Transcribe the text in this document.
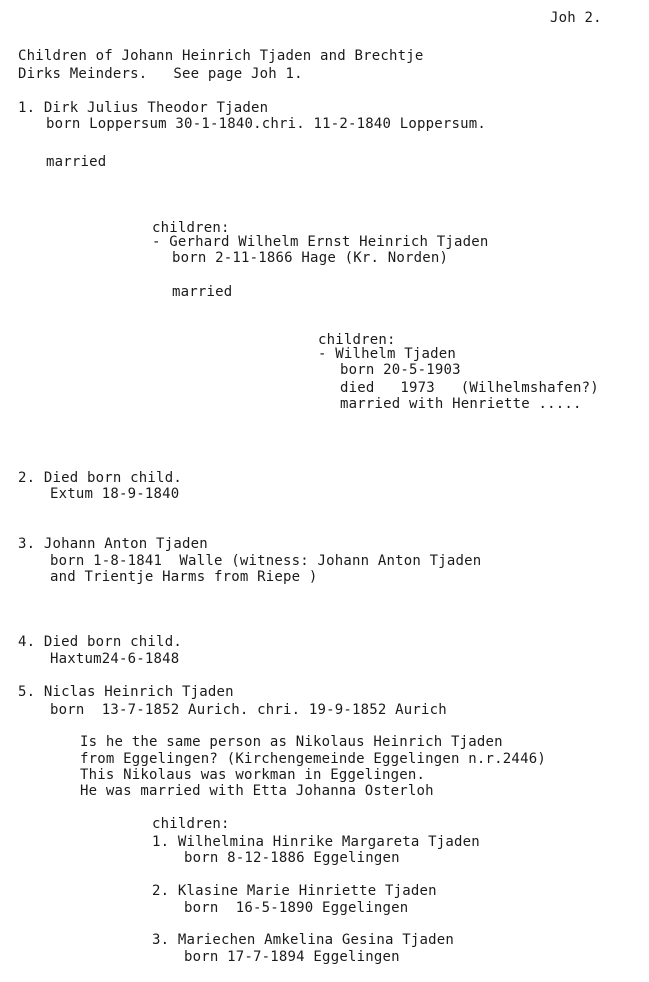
Joh 2.
Children of Johann Heinrich Tjaden and Brechtje
Dirks Meinders.   See page Joh 1.
1. Dirk Julius Theodor Tjaden
born Loppersum 30-1-1840.chri. 11-2-1840 Loppersum.
married
children:
- Gerhard Wilhelm Ernst Heinrich Tjaden
born 2-11-1866 Hage (Kr. Norden)
married
children:
- Wilhelm Tjaden
born 20-5-1903
died   1973   (Wilhelmshafen?)
married with Henriette .....
2. Died born child.
Extum 18-9-1840
3. Johann Anton Tjaden
born 1-8-1841  Walle (witness: Johann Anton Tjaden
and Trientje Harms from Riepe )
4. Died born child.
Haxtum24-6-1848
5. Niclas Heinrich Tjaden
born  13-7-1852 Aurich. chri. 19-9-1852 Aurich
Is he the same person as Nikolaus Heinrich Tjaden
from Eggelingen? (Kirchengemeinde Eggelingen n.r.2446)
This Nikolaus was workman in Eggelingen.
He was married with Etta Johanna Osterloh
children:
1. Wilhelmina Hinrike Margareta Tjaden
born 8-12-1886 Eggelingen
2. Klasine Marie Hinriette Tjaden
born  16-5-1890 Eggelingen
3. Mariechen Amkelina Gesina Tjaden
born 17-7-1894 Eggelingen
